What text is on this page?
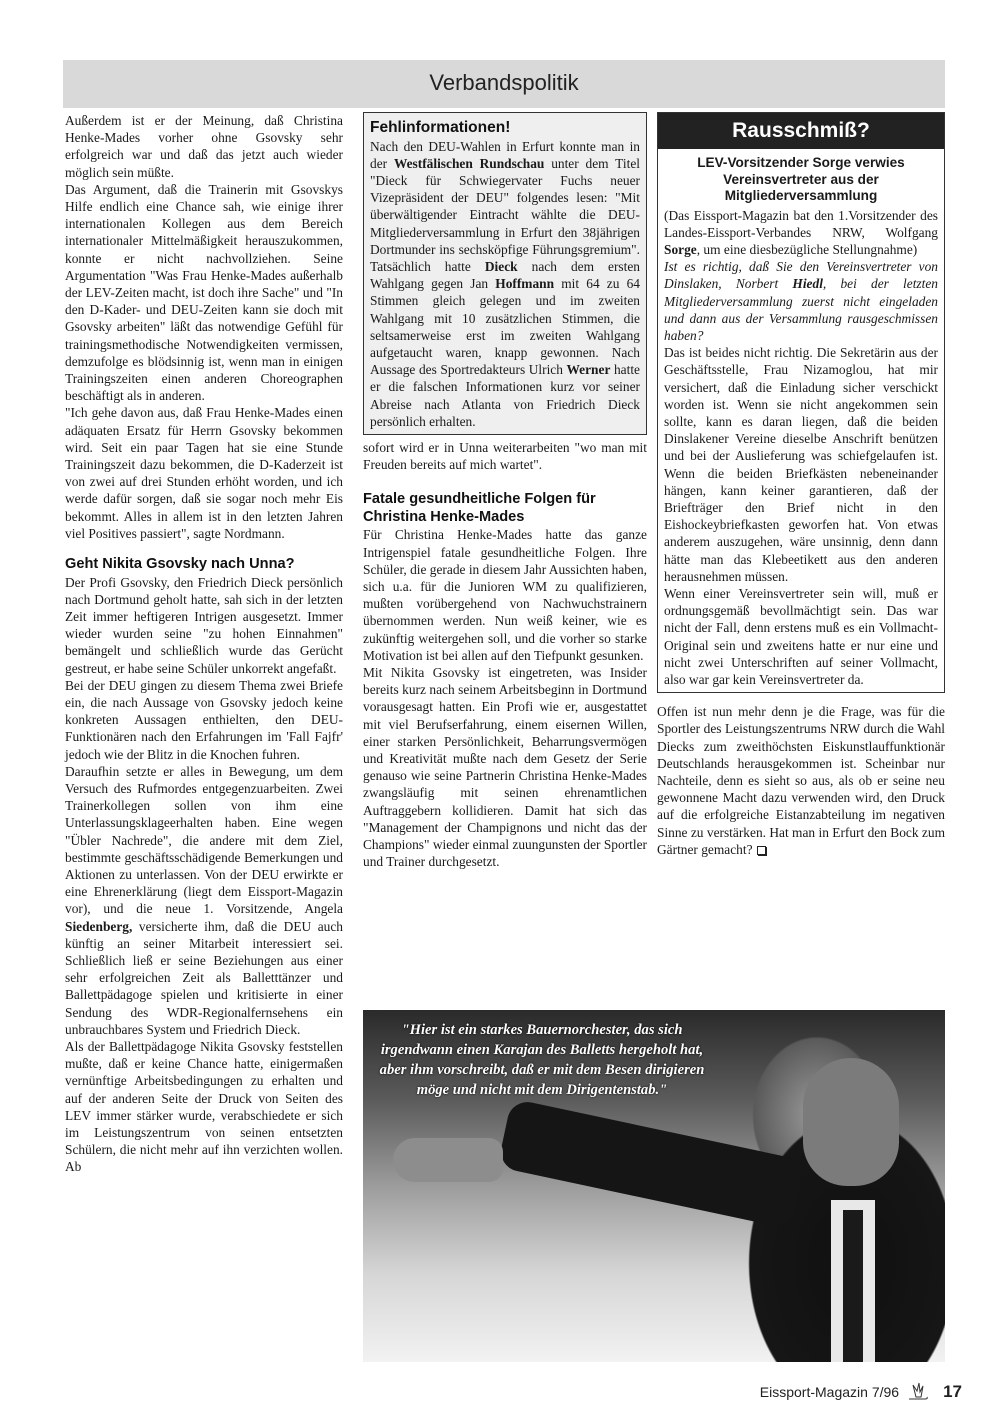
Verbandspolitik

Außerdem ist er der Meinung, daß Christina Henke-Mades vorher ohne Gsovsky sehr erfolgreich war und daß das jetzt auch wieder möglich sein müßte.

Das Argument, daß die Trainerin mit Gsovskys Hilfe endlich eine Chance sah, wie einige ihrer internationalen Kollegen aus dem Bereich internationaler Mittelmäßigkeit herauszukommen, konnte er nicht nachvollziehen. Seine Argumentation "Was Frau Henke-Mades außerhalb der LEV-Zeiten macht, ist doch ihre Sache" und "In den D-Kader- und DEU-Zeiten kann sie doch mit Gsovsky arbeiten" läßt das notwendige Gefühl für trainingsmethodische Notwendigkeiten vermissen, demzufolge es blödsinnig ist, wenn man in einigen Trainingszeiten einen anderen Choreographen beschäftigt als in anderen.

"Ich gehe davon aus, daß Frau Henke-Mades einen adäquaten Ersatz für Herrn Gsovsky bekommen wird. Seit ein paar Tagen hat sie eine Stunde Trainingszeit dazu bekommen, die D-Kaderzeit ist von zwei auf drei Stunden erhöht worden, und ich werde dafür sorgen, daß sie sogar noch mehr Eis bekommt. Alles in allem ist in den letzten Jahren viel Positives passiert", sagte Nordmann.

Geht Nikita Gsovsky nach Unna?

Der Profi Gsovsky, den Friedrich Dieck persönlich nach Dortmund geholt hatte, sah sich in der letzten Zeit immer heftigeren Intrigen ausgesetzt. Immer wieder wurden seine "zu hohen Einnahmen" bemängelt und schließlich wurde das Gerücht gestreut, er habe seine Schüler unkorrekt angefaßt.

Bei der DEU gingen zu diesem Thema zwei Briefe ein, die nach Aussage von Gsovsky jedoch keine konkreten Aussagen enthielten, den DEU-Funktionären nach den Erfahrungen im 'Fall Fajfr' jedoch wie der Blitz in die Knochen fuhren.

Daraufhin setzte er alles in Bewegung, um dem Versuch des Rufmordes entgegenzuarbeiten. Zwei Trainerkollegen sollen von ihm eine Unterlassungsklageerhalten haben. Eine wegen "Übler Nachrede", die andere mit dem Ziel, bestimmte geschäftsschädigende Bemerkungen und Aktionen zu unterlassen. Von der DEU erwirkte er eine Ehrenerklärung (liegt dem Eissport-Magazin vor), und die neue 1. Vorsitzende, Angela Siedenberg, versicherte ihm, daß die DEU auch künftig an seiner Mitarbeit interessiert sei. Schließlich ließ er seine Beziehungen aus einer sehr erfolgreichen Zeit als Balletttänzer und Ballettpädagoge spielen und kritisierte in einer Sendung des WDR-Regionalfernsehens ein unbrauchbares System und Friedrich Dieck.

Als der Ballettpädagoge Nikita Gsovsky feststellen mußte, daß er keine Chance hatte, einigermaßen vernünftige Arbeitsbedingungen zu erhalten und auf der anderen Seite der Druck von Seiten des LEV immer stärker wurde, verabschiedete er sich im Leistungszentrum von seinen entsetzten Schülern, die nicht mehr auf ihn verzichten wollen. Ab

Fehlinformationen!

Nach den DEU-Wahlen in Erfurt konnte man in der Westfälischen Rundschau unter dem Titel "Dieck für Schwiegervater Fuchs neuer Vizepräsident der DEU" folgendes lesen: "Mit überwältigender Eintracht wählte die DEU-Mitgliederversammlung in Erfurt den 38jährigen Dortmunder ins sechsköpfige Führungsgremium". Tatsächlich hatte Dieck nach dem ersten Wahlgang gegen Jan Hoffmann mit 64 zu 64 Stimmen gleich gelegen und im zweiten Wahlgang mit 10 zusätzlichen Stimmen, die seltsamerweise erst im zweiten Wahlgang aufgetaucht waren, knapp gewonnen. Nach Aussage des Sportredakteurs Ulrich Werner hatte er die falschen Informationen kurz vor seiner Abreise nach Atlanta von Friedrich Dieck persönlich erhalten.

sofort wird er in Unna weiterarbeiten "wo man mit Freuden bereits auf mich wartet".

Fatale gesundheitliche Folgen für Christina Henke-Mades

Für Christina Henke-Mades hatte das ganze Intrigenspiel fatale gesundheitliche Folgen. Ihre Schüler, die gerade in diesem Jahr Aussichten haben, sich u.a. für die Junioren WM zu qualifizieren, mußten vorübergehend von Nachwuchstrainern übernommen werden. Nun weiß keiner, wie es zukünftig weitergehen soll, und die vorher so starke Motivation ist bei allen auf den Tiefpunkt gesunken.

Mit Nikita Gsovsky ist eingetreten, was Insider bereits kurz nach seinem Arbeitsbeginn in Dortmund vorausgesagt hatten. Ein Profi wie er, ausgestattet mit viel Berufserfahrung, einem eisernen Willen, einer starken Persönlichkeit, Beharrungsvermögen und Kreativität mußte nach dem Gesetz der Serie genauso wie seine Partnerin Christina Henke-Mades zwangsläufig mit seinen ehrenamtlichen Auftraggebern kollidieren. Damit hat sich das "Management der Champignons und nicht das der Champions" wieder einmal zuungunsten der Sportler und Trainer durchgesetzt.

Rausschmiß?
LEV-Vorsitzender Sorge verwies Vereinsvertreter aus der Mitgliederversammlung

(Das Eissport-Magazin bat den 1.Vorsitzender des Landes-Eissport-Verbandes NRW, Wolfgang Sorge, um eine diesbezügliche Stellungnahme)

Ist es richtig, daß Sie den Vereinsvertreter von Dinslaken, Norbert Hiedl, bei der letzten Mitgliederversammlung zuerst nicht eingeladen und dann aus der Versammlung rausgeschmissen haben?

Das ist beides nicht richtig. Die Sekretärin aus der Geschäftsstelle, Frau Nizamoglou, hat mir versichert, daß die Einladung sicher verschickt worden ist. Wenn sie nicht angekommen sein sollte, kann es daran liegen, daß die beiden Dinslakener Vereine dieselbe Anschrift benützen und bei der Auslieferung was schiefgelaufen ist. Wenn die beiden Briefkästen nebeneinander hängen, kann keiner garantieren, daß der Briefträger den Brief nicht in den Eishockeybriefkasten geworfen hat. Von etwas anderem auszugehen, wäre unsinnig, denn dann hätte man das Klebeetikett aus den anderen herausnehmen müssen.

Wenn einer Vereinsvertreter sein will, muß er ordnungsgemäß bevollmächtigt sein. Das war nicht der Fall, denn erstens muß es ein Vollmacht-Original sein und zweitens hatte er nur eine und nicht zwei Unterschriften auf seiner Vollmacht, also war gar kein Vereinsvertreter da.

Offen ist nun mehr denn je die Frage, was für die Sportler des Leistungszentrums NRW durch die Wahl Diecks zum zweithöchsten Eiskunstlauffunktionär Deutschlands herausgekommen ist. Scheinbar nur Nachteile, denn es sieht so aus, als ob er seine neu gewonnene Macht dazu verwenden wird, den Druck auf die erfolgreiche Eistanzabteilung im negativen Sinne zu verstärken. Hat man in Erfurt den Bock zum Gärtner gemacht?

"Hier ist ein starkes Bauernorchester, das sich irgendwann einen Karajan des Balletts hergeholt hat, aber ihm vorschreibt, daß er mit dem Besen dirigieren möge und nicht mit dem Dirigentenstab."
Eissport-Magazin 7/96	17
